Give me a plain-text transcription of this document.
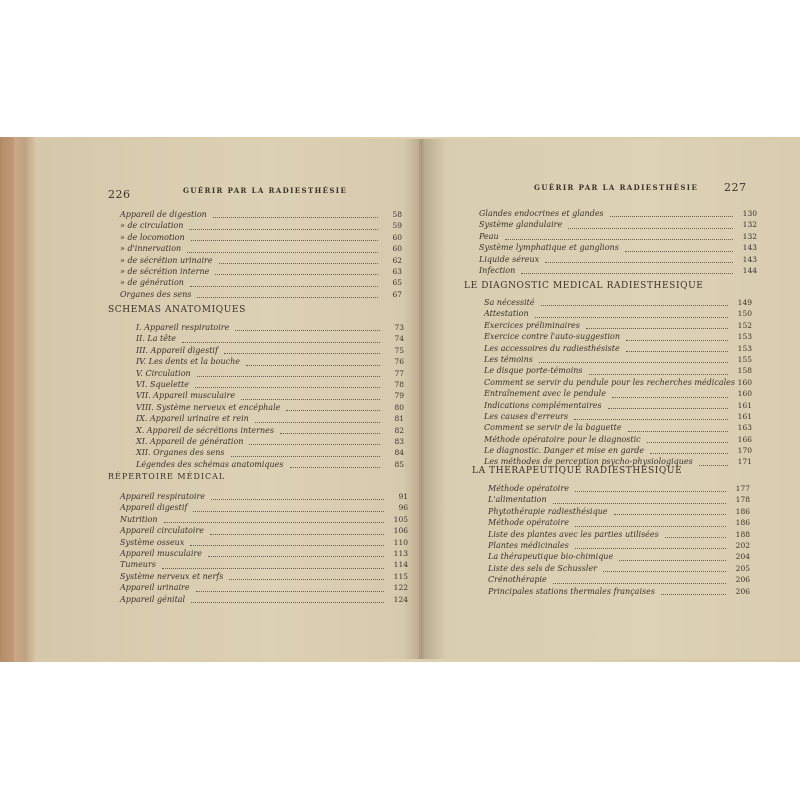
226	GUÉRIR PAR LA RADIESTHÉSIE
Appareil de digestion	58
» de circulation	59
» de locomotion	60
» d'innervation	60
» de sécrétion urinaire	62
» de sécrétion interne	63
» de génération	65
Organes des sens	67
SCHEMAS ANATOMIQUES
I. Appareil respiratoire	73
II. La tête	74
III. Appareil digestif	75
IV. Les dents et la bouche	76
V. Circulation	77
VI. Squelette	78
VII. Appareil musculaire	79
VIII. Système nerveux et encéphale	80
IX. Appareil urinaire et rein	81
X. Appareil de sécrétions internes	82
XI. Appareil de génération	83
XII. Organes des sens	84
Légendes des schémas anatomiques	85
RÉPERTOIRE MÉDICAL
Appareil respiratoire	91
Appareil digestif	96
Nutrition	105
Appareil circulatoire	106
Système osseux	110
Appareil musculaire	113
Tumeurs	114
Système nerveux et nerfs	115
Appareil urinaire	122
Appareil génital	124
GUÉRIR PAR LA RADIESTHÉSIE 227
Glandes endocrines et glandes	130
Système glandulaire	132
Peau	132
Système lymphatique et ganglions	143
Liquide séreux	143
Infection	144
LE DIAGNOSTIC MEDICAL RADIESTHESIQUE
Sa nécessité	149
Attestation	150
Exercices préliminaires	152
Exercice contre l'auto-suggestion	153
Les accessoires du radiesthésiste	153
Les témoins	155
Le disque porte-témoins	158
Comment se servir du pendule pour les recherches médicales 160
Entraînement avec le pendule	160
Indications complémentaires	161
Les causes d'erreurs	161
Comment se servir de la baguette	163
Méthode opératoire pour le diagnostic	166
Le diagnostic. Danger et mise en garde	170
Les méthodes de perception psycho-physiologiques	171
LA THERAPEUTIQUE RADIESTHESIQUE
Méthode opératoire	177
L'alimentation	178
Phytothérapie radiesthésique	186
Méthode opératoire	186
Liste des plantes avec les parties utilisées	188
Plantes médicinales	202
La thérapeutique bio-chimique	204
Liste des sels de Schussler	205
Crénothérapie	206
Principales stations thermales françaises	206
